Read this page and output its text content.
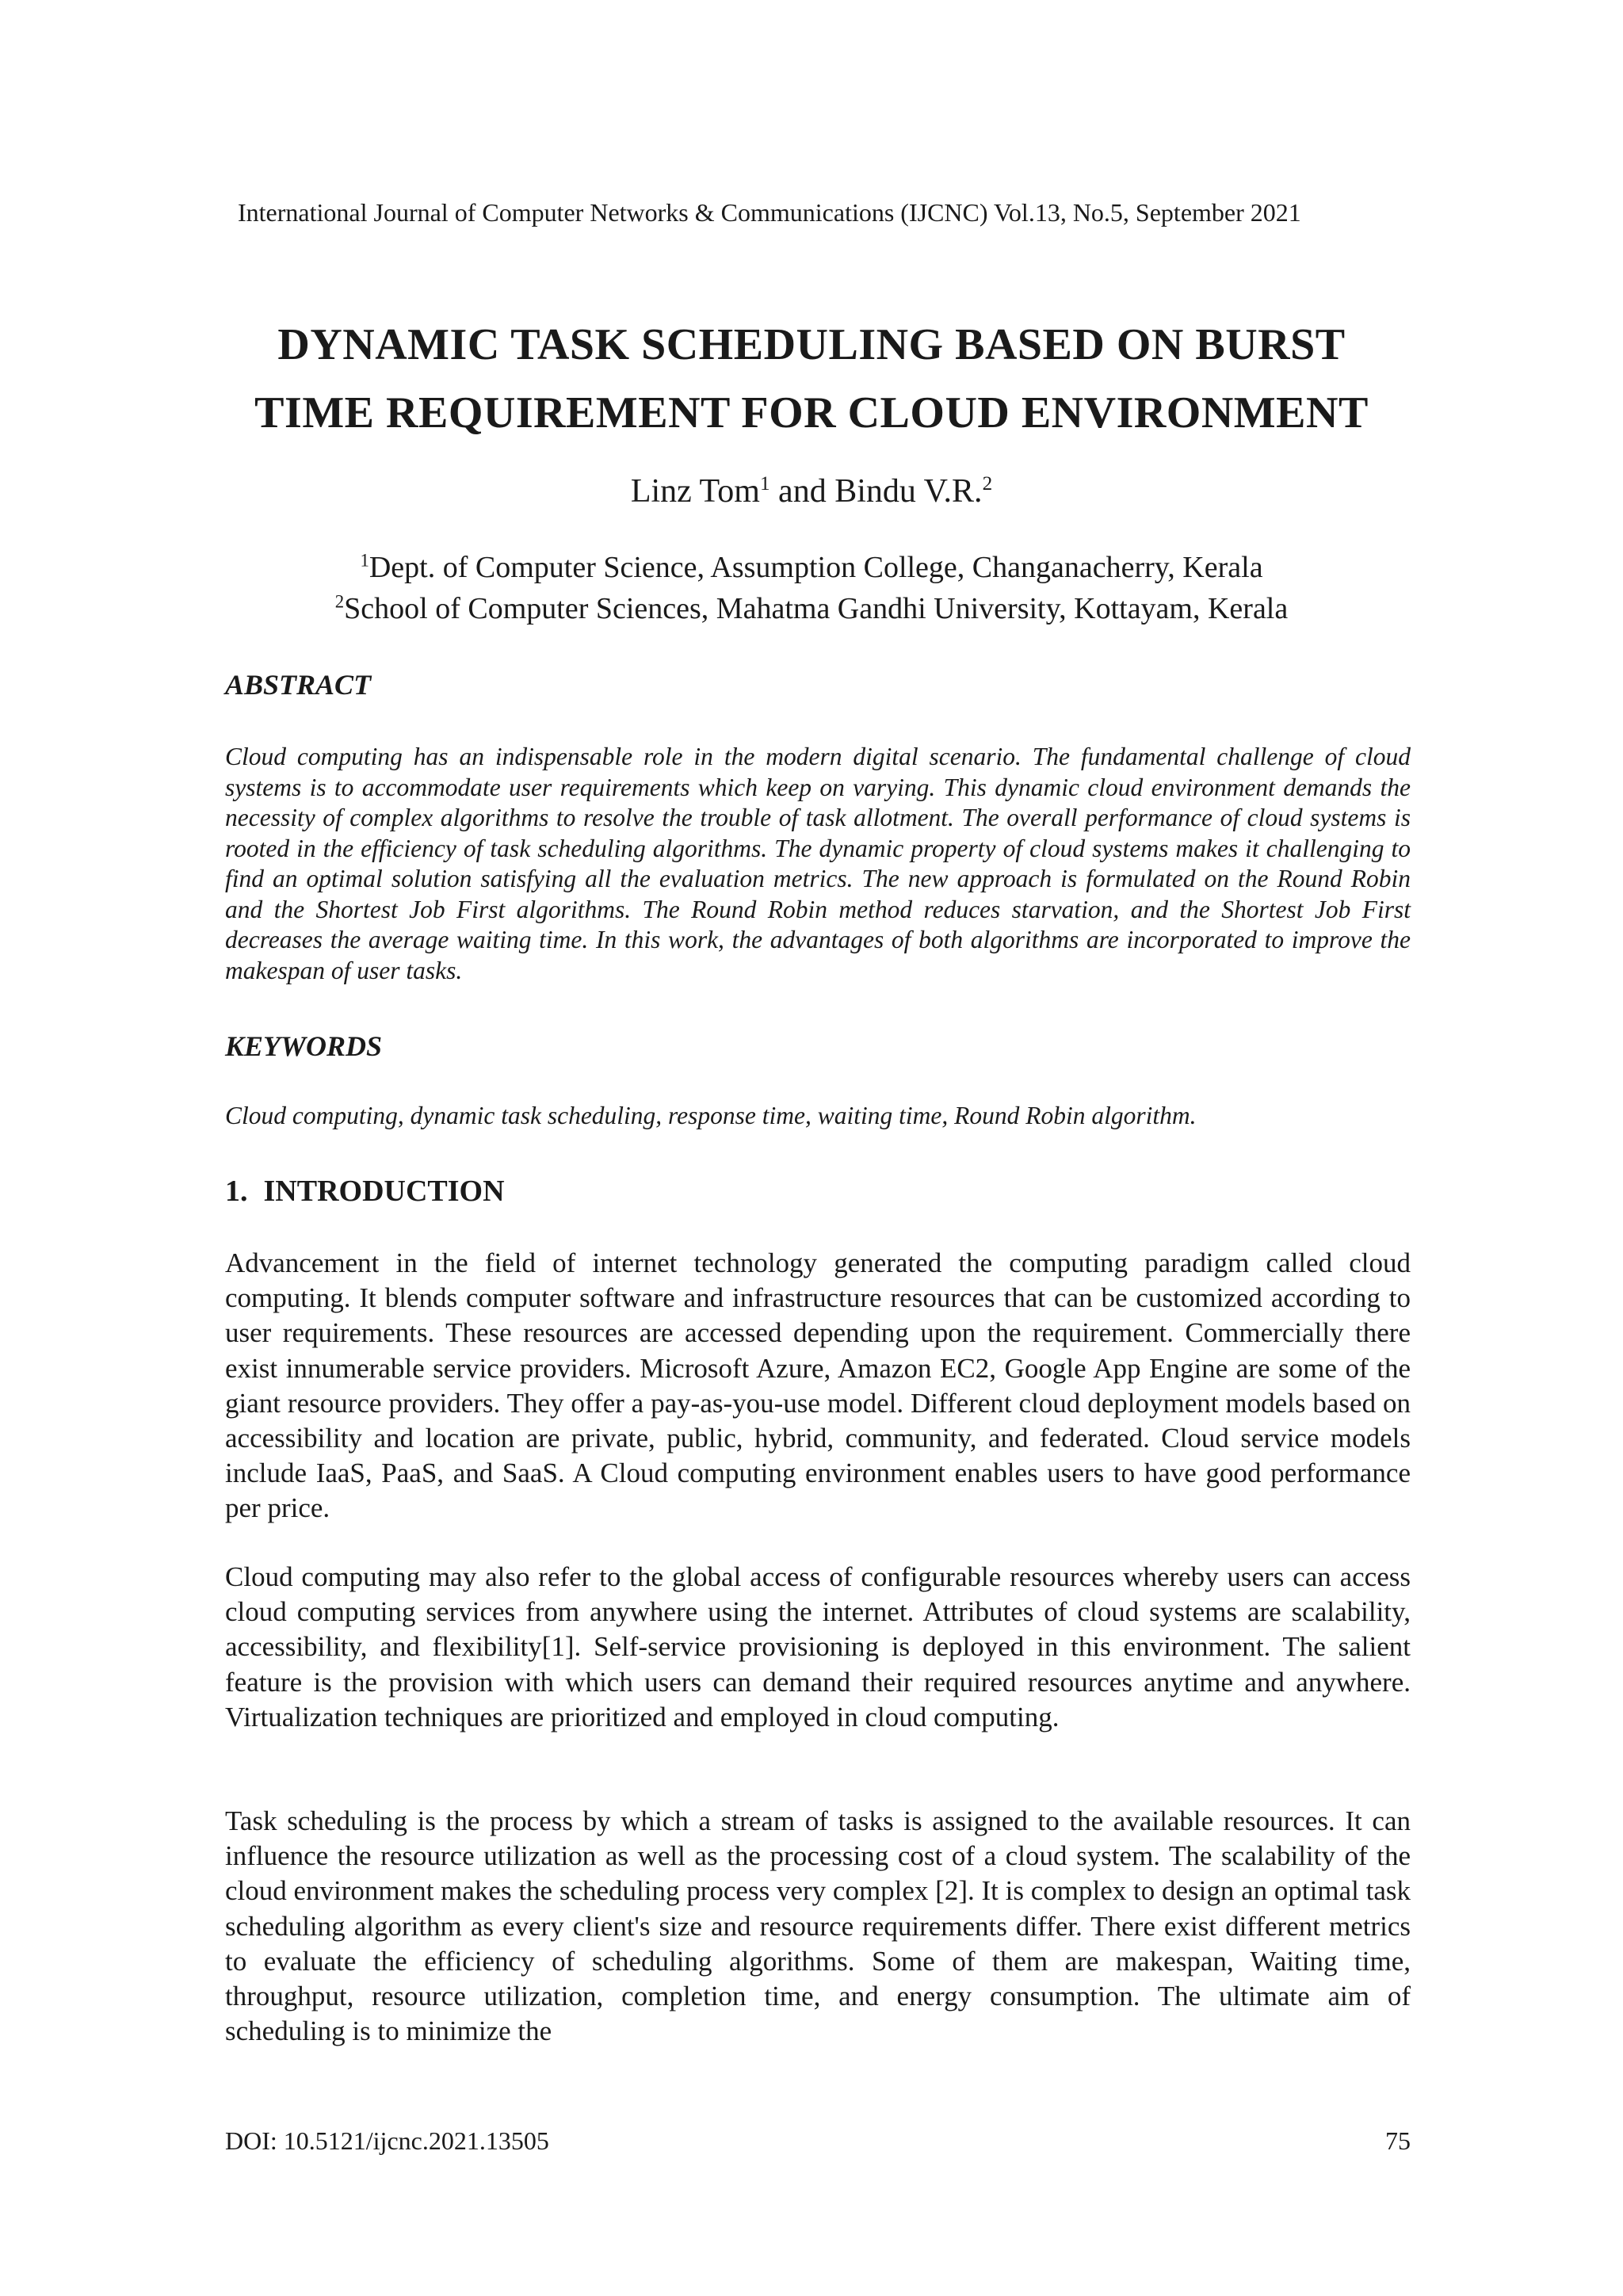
International Journal of Computer Networks & Communications (IJCNC) Vol.13, No.5, September 2021
DYNAMIC TASK SCHEDULING BASED ON BURST
TIME REQUIREMENT FOR CLOUD ENVIRONMENT
Linz Tom$^1$ and Bindu V.R.$^2$
$^1$Dept. of Computer Science, Assumption College, Changanacherry, Kerala
$^2$School of Computer Sciences, Mahatma Gandhi University, Kottayam, Kerala
ABSTRACT
Cloud computing has an indispensable role in the modern digital scenario. The fundamental challenge of cloud systems is to accommodate user requirements which keep on varying. This dynamic cloud environment demands the necessity of complex algorithms to resolve the trouble of task allotment. The overall performance of cloud systems is rooted in the efficiency of task scheduling algorithms. The dynamic property of cloud systems makes it challenging to find an optimal solution satisfying all the evaluation metrics. The new approach is formulated on the Round Robin and the Shortest Job First algorithms. The Round Robin method reduces starvation, and the Shortest Job First decreases the average waiting time. In this work, the advantages of both algorithms are incorporated to improve the makespan of user tasks.
KEYWORDS
Cloud computing, dynamic task scheduling, response time, waiting time, Round Robin algorithm.
1. INTRODUCTION
Advancement in the field of internet technology generated the computing paradigm called cloud computing. It blends computer software and infrastructure resources that can be customized according to user requirements. These resources are accessed depending upon the requirement. Commercially there exist innumerable service providers. Microsoft Azure, Amazon EC2, Google App Engine are some of the giant resource providers. They offer a pay-as-you-use model. Different cloud deployment models based on accessibility and location are private, public, hybrid, community, and federated. Cloud service models include IaaS, PaaS, and SaaS. A Cloud computing environment enables users to have good performance per price.
Cloud computing may also refer to the global access of configurable resources whereby users can access cloud computing services from anywhere using the internet. Attributes of cloud systems are scalability, accessibility, and flexibility[1]. Self-service provisioning is deployed in this environment. The salient feature is the provision with which users can demand their required resources anytime and anywhere. Virtualization techniques are prioritized and employed in cloud computing.
Task scheduling is the process by which a stream of tasks is assigned to the available resources. It can influence the resource utilization as well as the processing cost of a cloud system. The scalability of the cloud environment makes the scheduling process very complex [2]. It is complex to design an optimal task scheduling algorithm as every client's size and resource requirements differ. There exist different metrics to evaluate the efficiency of scheduling algorithms. Some of them are makespan, Waiting time, throughput, resource utilization, completion time, and energy consumption. The ultimate aim of scheduling is to minimize the
DOI: 10.5121/ijcnc.2021.13505	75
